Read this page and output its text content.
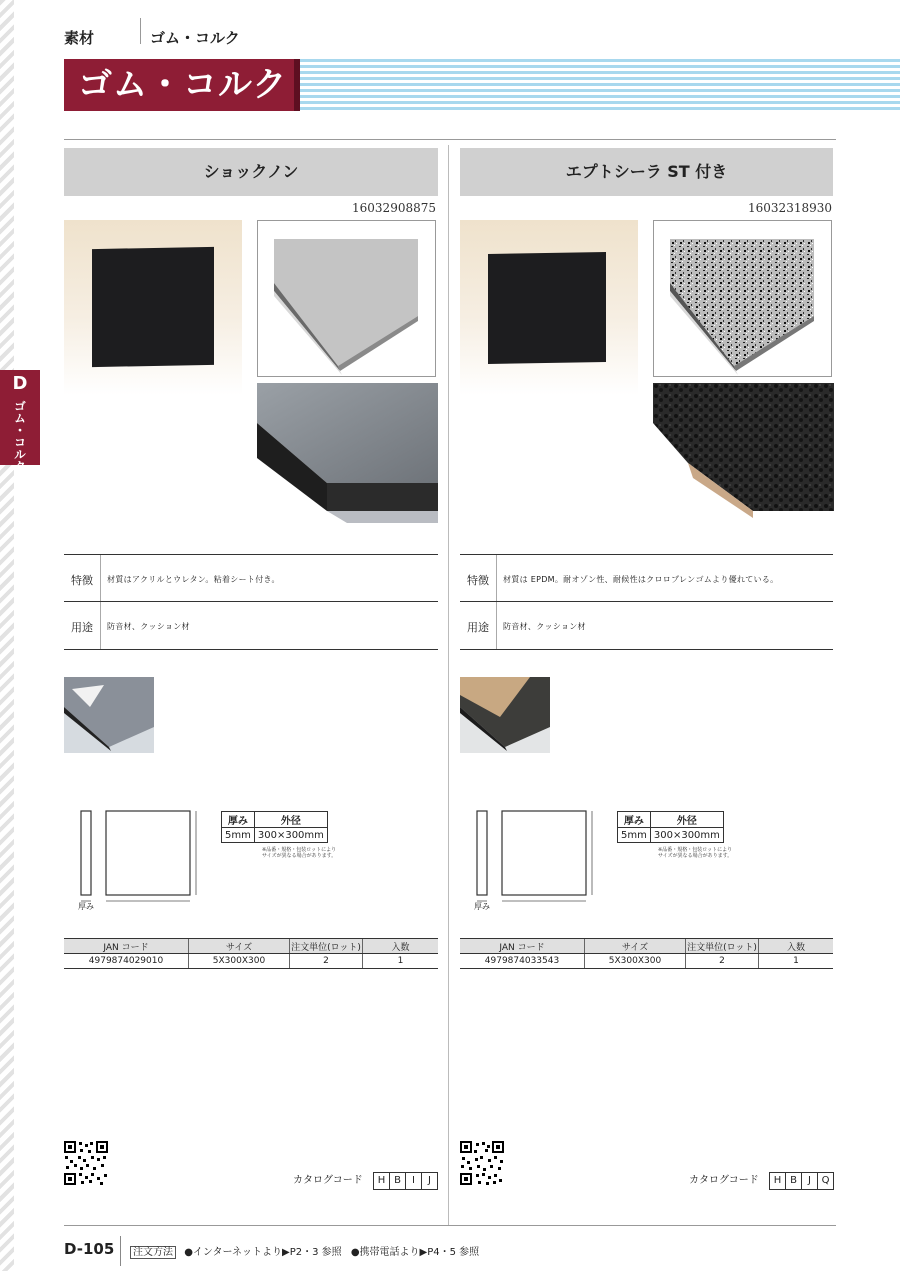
素材	ゴム・コルク
ゴム・コルク
D
ゴム・コルク
ショックノン
16032908875
特徴	材質はアクリルとウレタン。粘着シート付き。
用途	防音材、クッション材
厚み
厚み	外径
5mm	300×300mm
※品番・規格・包装ロットにより
サイズが異なる場合があります。
JAN コード	サイズ	注文単位(ロット)	入数
4979874029010	5X300X300	2	1
カタログコード H B I J
エプトシーラ ST 付き
16032318930
特徴	材質は EPDM。耐オゾン性、耐候性はクロロプレンゴムより優れている。
用途	防音材、クッション材
厚み
厚み	外径
5mm	300×300mm
※品番・規格・包装ロットにより
サイズが異なる場合があります。
JAN コード	サイズ	注文単位(ロット)	入数
4979874033543	5X300X300	2	1
カタログコード H B J Q
D-105	注文方法 ●インターネットより▶P2・3 参照 ●携帯電話より▶P4・5 参照
